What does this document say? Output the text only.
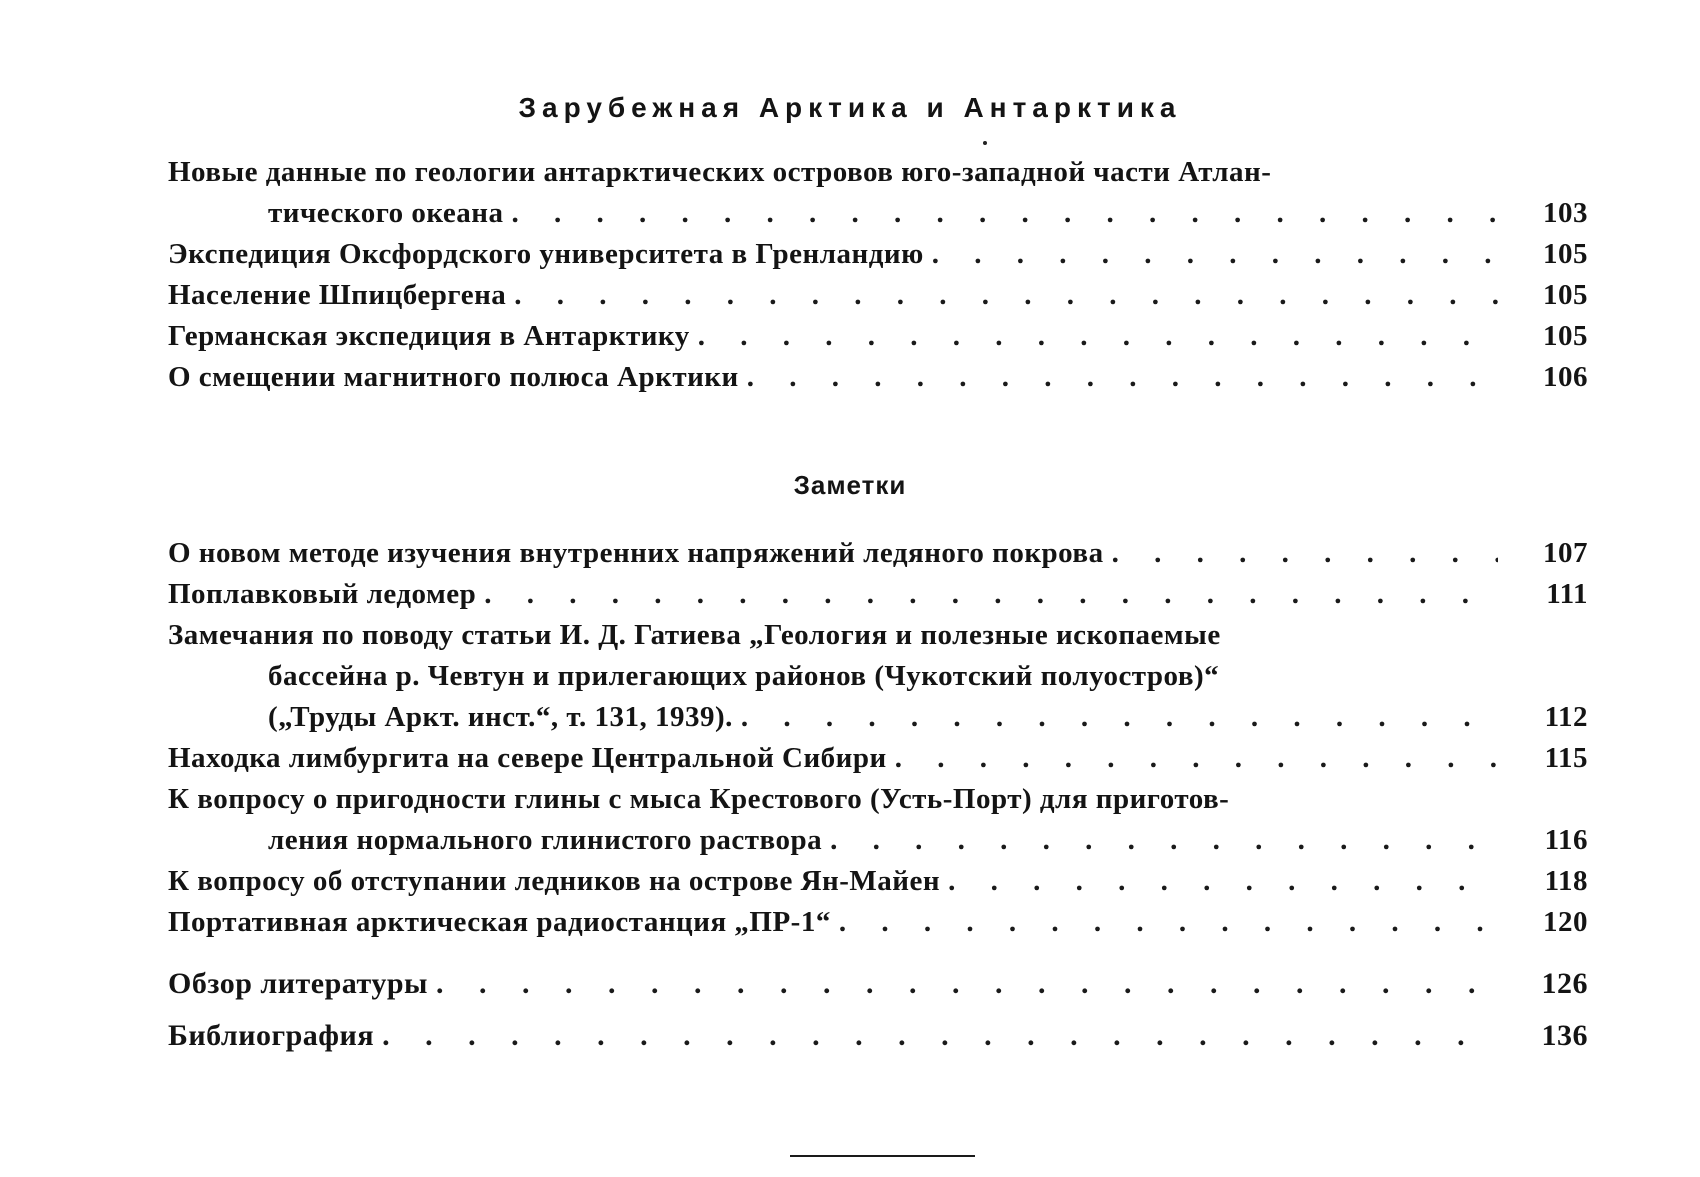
Зарубежная Арктика и Антарктика
Новые данные по геологии антарктических островов юго-западной части Атлан-
тического океана . . .	103
Экспедиция Оксфордского университета в Гренландию . . .	105
Население Шпицбергена . . .	105
Германская экспедиция в Антарктику . . .	105
О смещении магнитного полюса Арктики . . .	106
Заметки
О новом методе изучения внутренних напряжений ледяного покрова . . .	107
Поплавковый ледомер . . .	111
Замечания по поводу статьи И. Д. Гатиева „Геология и полезные ископаемые
бассейна р. Чевтун и прилегающих районов (Чукотский полуостров)“
(„Труды Аркт. инст.“, т. 131, 1939). . . .	112
Находка лимбургита на севере Центральной Сибири . . .	115
К вопросу о пригодности глины с мыса Крестового (Усть-Порт) для приготов-
ления нормального глинистого раствора . . .	116
К вопросу об отступании ледников на острове Ян-Майен . . .	118
Портативная арктическая радиостанция „ПР-1“ . . .	120
Обзор литературы . . .	126
Библиография . . .	136
